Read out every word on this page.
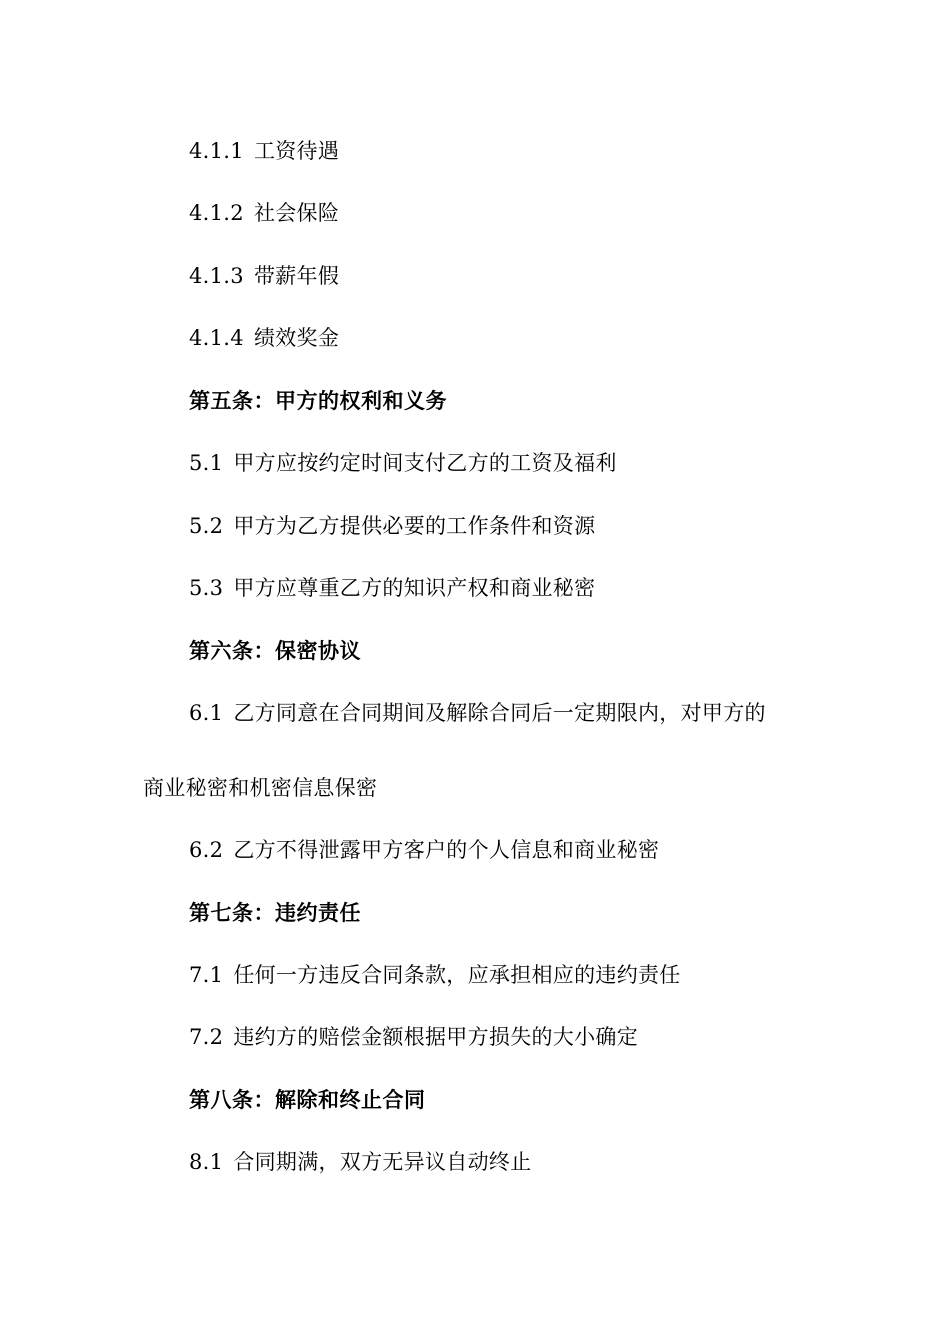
4.1.1 工资待遇
4.1.2 社会保险
4.1.3 带薪年假
4.1.4 绩效奖金
第五条：甲方的权利和义务
5.1 甲方应按约定时间支付乙方的工资及福利
5.2 甲方为乙方提供必要的工作条件和资源
5.3 甲方应尊重乙方的知识产权和商业秘密
第六条：保密协议
6.1 乙方同意在合同期间及解除合同后一定期限内，对甲方的
商业秘密和机密信息保密
6.2 乙方不得泄露甲方客户的个人信息和商业秘密
第七条：违约责任
7.1 任何一方违反合同条款，应承担相应的违约责任
7.2 违约方的赔偿金额根据甲方损失的大小确定
第八条：解除和终止合同
8.1 合同期满，双方无异议自动终止
